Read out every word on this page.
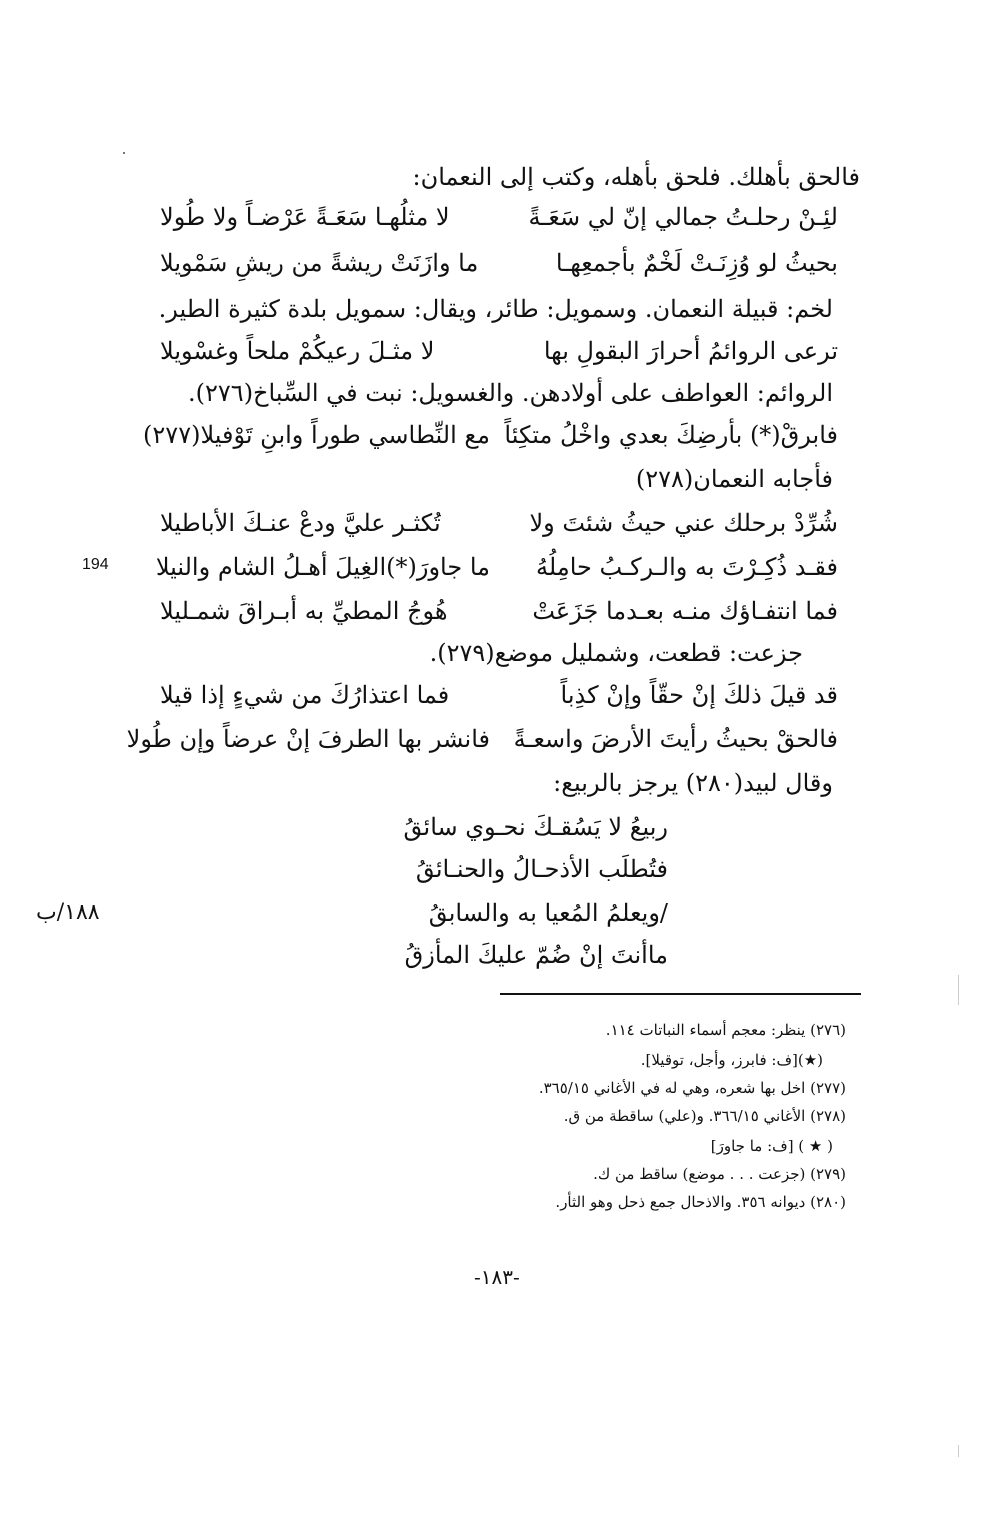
فالحق بأهلك. فلحق بأهله، وكتب إلى النعمان:
لئِـنْ رحلـتُ جمالي إنّ لي سَعَـةً
لا مثلُهـا سَعَـةً عَرْضـاً ولا طُولا
بحيثُ لو وُزِنَـتْ لَخْمٌ بأجمعِهـا
ما وازَنَتْ ريشةً من ريشِ سَمْويلا
لخم: قبيلة النعمان. وسمويل: طائر، ويقال: سمويل بلدة كثيرة الطير.
ترعى الروائمُ أحرارَ البقولِ بها
لا مثـلَ رعيكُمْ ملحاً وغسْويلا
الروائم: العواطف على أولادهن. والغسويل: نبت في السِّباخ(٢٧٦).
فابرقْ(*) بأرضِكَ بعدي واخْلُ متكِئاً
مع النِّطاسي طوراً وابنِ تَوْفيلا(٢٧٧)
فأجابه النعمان(٢٧٨)
شُرِّدْ برحلك عني حيثُ شئتَ ولا
تُكثـر عليَّ ودعْ عنـكَ الأباطيلا
فقـد ذُكِـرْتَ به والـركـبُ حامِلُهُ
ما جاورَ(*)الغِيلَ أهـلُ الشام والنيلا
فما انتفـاؤك منـه بعـدما جَزَعَتْ
هُوجُ المطيِّ به أبـراقَ شمـليلا
جزعت: قطعت، وشمليل موضع(٢٧٩).
قد قيلَ ذلكَ إنْ حقّاً وإنْ كذِباً
فما اعتذارُكَ من شيءٍ إذا قيلا
فالحقْ بحيثُ رأيتَ الأرضَ واسعـةً
فانشر بها الطرفَ إنْ عرضاً وإن طُولا
وقال لبيد(٢٨٠) يرجز بالربيع:
ربيعُ لا يَسُقـكَ نحـوي سائقُ
فتُطلَب الأذحـالُ والحنـائقُ
/ويعلمُ المُعيا به والسابقُ
ماأنتَ إنْ ضُمّ عليكَ المأزقُ
194
١٨٨/ب
(٢٧٦) ينظر: معجم أسماء النباتات ١١٤.
(★)[ف: فابرز، وأجل، توقيلا].
(٢٧٧) اخل بها شعره، وهي له في الأغاني ٣٦٥/١٥.
(٢٧٨) الأغاني ٣٦٦/١٥. و(علي) ساقطة من ق.
( ★ ) [ف: ما جاورَ]
(٢٧٩) (جزعت . . . موضع) ساقط من ك.
(٢٨٠) ديوانه ٣٥٦. والاذحال جمع ذحل وهو الثأر.
-١٨٣-
